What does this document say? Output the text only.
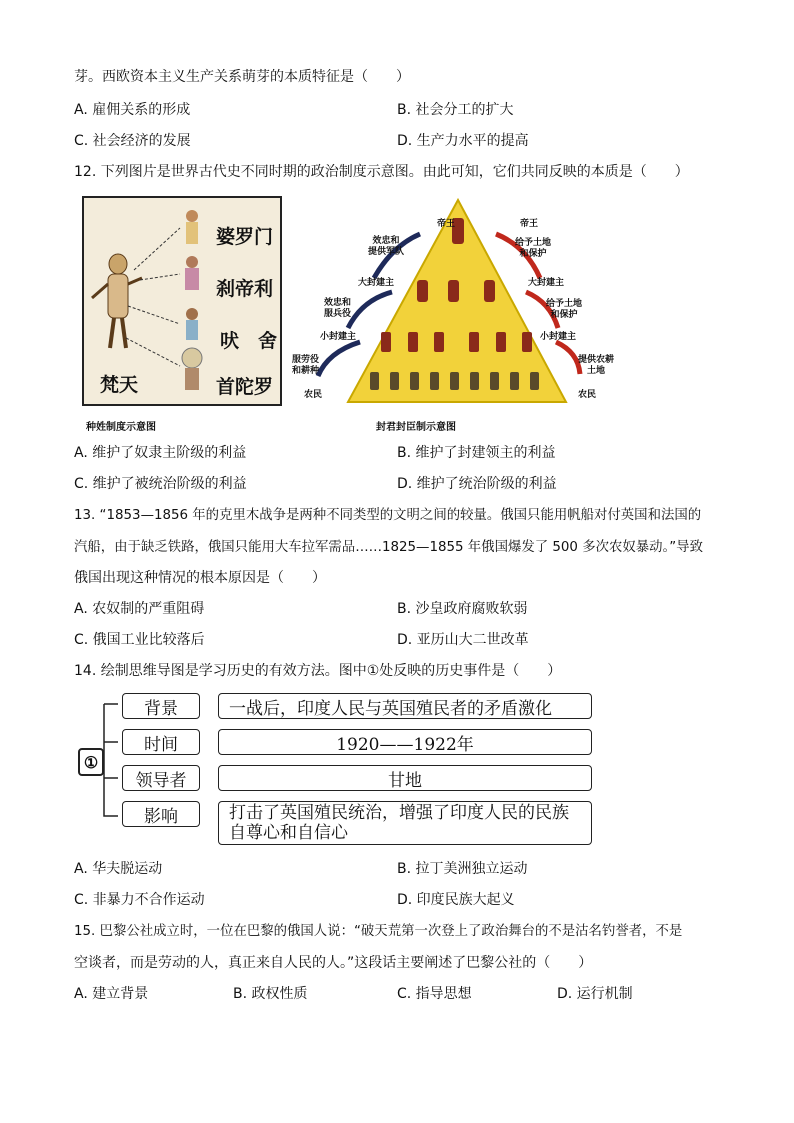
芽。西欧资本主义生产关系萌芽的本质特征是（　　）
A. 雇佣关系的形成	B. 社会分工的扩大
C. 社会经济的发展	D. 生产力水平的提高
12. 下列图片是世界古代史不同时期的政治制度示意图。由此可知，它们共同反映的本质是（　　）
婆罗门
刹帝利
吠　舍
首陀罗
梵天
种姓制度示意图
帝王	帝王
效忠和
提供军队
给予土地
和保护
大封建主	大封建主
效忠和
服兵役
给予土地
和保护
小封建主	小封建主
服劳役
和耕种
提供农耕
土地
农民	农民
封君封臣制示意图
A. 维护了奴隶主阶级的利益	B. 维护了封建领主的利益
C. 维护了被统治阶级的利益	D. 维护了统治阶级的利益
13. “1853—1856 年的克里木战争是两种不同类型的文明之间的较量。俄国只能用帆船对付英国和法国的
汽船，由于缺乏铁路，俄国只能用大车拉军需品……1825—1855 年俄国爆发了 500 多次农奴暴动。”导致
俄国出现这种情况的根本原因是（　　）
A. 农奴制的严重阻碍	B. 沙皇政府腐败软弱
C. 俄国工业比较落后	D. 亚历山大二世改革
14. 绘制思维导图是学习历史的有效方法。图中①处反映的历史事件是（　　）
①
背景	一战后，印度人民与英国殖民者的矛盾激化
时间	1920——1922年
领导者	甘地
影响	打击了英国殖民统治，增强了印度人民的民族自尊心和自信心
A. 华夫脱运动	B. 拉丁美洲独立运动
C. 非暴力不合作运动	D. 印度民族大起义
15. 巴黎公社成立时，一位在巴黎的俄国人说：“破天荒第一次登上了政治舞台的不是沽名钓誉者，不是
空谈者，而是劳动的人，真正来自人民的人。”这段话主要阐述了巴黎公社的（　　）
A. 建立背景	B. 政权性质	C. 指导思想	D. 运行机制
